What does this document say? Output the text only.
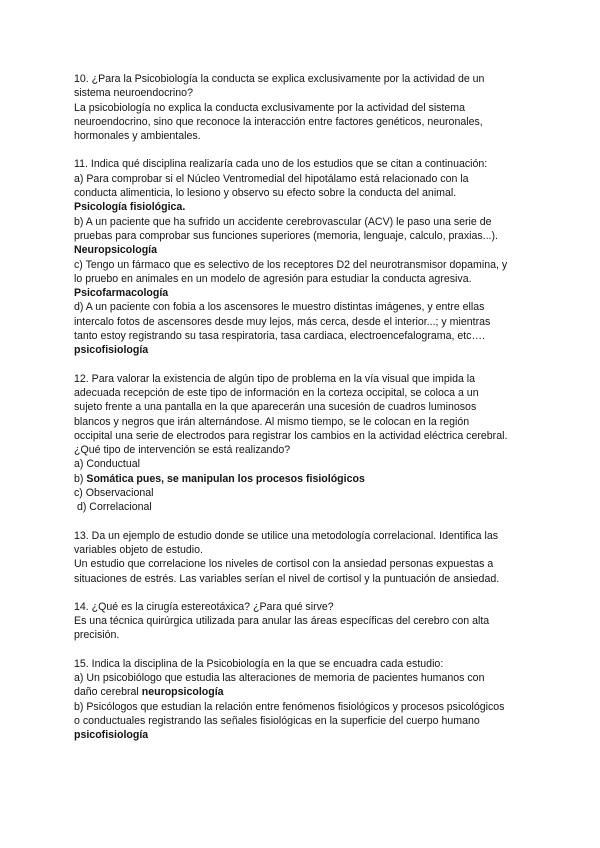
10. ¿Para la Psicobiología la conducta se explica exclusivamente por la actividad de un

sistema neuroendocrino?

La psicobiología no explica la conducta exclusivamente por la actividad del sistema

neuroendocrino, sino que reconoce la interacción entre factores genéticos, neuronales,

hormonales y ambientales.

11. Indica qué disciplina realizaría cada uno de los estudios que se citan a continuación:

a) Para comprobar si el Núcleo Ventromedial del hipotálamo está relacionado con la

conducta alimenticia, lo lesiono y observo su efecto sobre la conducta del animal.

Psicología fisiológica.

b) A un paciente que ha sufrido un accidente cerebrovascular (ACV) le paso una serie de

pruebas para comprobar sus funciones superiores (memoria, lenguaje, calculo, praxias...).

Neuropsicología

c) Tengo un fármaco que es selectivo de los receptores D2 del neurotransmisor dopamina, y

lo pruebo en animales en un modelo de agresión para estudiar la conducta agresiva.

Psicofarmacología

d) A un paciente con fobia a los ascensores le muestro distintas imágenes, y entre ellas

intercalo fotos de ascensores desde muy lejos, más cerca, desde el interior...; y mientras

tanto estoy registrando su tasa respiratoria, tasa cardiaca, electroencefalograma, etc….

psicofisiología

12. Para valorar la existencia de algún tipo de problema en la vía visual que impida la

adecuada recepción de este tipo de información en la corteza occipital, se coloca a un

sujeto frente a una pantalla en la que aparecerán una sucesión de cuadros luminosos

blancos y negros que irán alternándose. Al mismo tiempo, se le colocan en la región

occipital una serie de electrodos para registrar los cambios en la actividad eléctrica cerebral.

¿Qué tipo de intervención se está realizando?

a) Conductual

b) Somática pues, se manipulan los procesos fisiológicos

c) Observacional

d) Correlacional

13. Da un ejemplo de estudio donde se utilice una metodología correlacional. Identifica las

variables objeto de estudio.

Un estudio que correlacione los niveles de cortisol con la ansiedad personas expuestas a

situaciones de estrés. Las variables serían el nivel de cortisol y la puntuación de ansiedad.

14. ¿Qué es la cirugía estereotáxica? ¿Para qué sirve?

Es una técnica quirúrgica utilizada para anular las áreas específicas del cerebro con alta

precisión.

15. Indica la disciplina de la Psicobiología en la que se encuadra cada estudio:

a) Un psicobiólogo que estudia las alteraciones de memoria de pacientes humanos con

daño cerebral neuropsicología

b) Psicólogos que estudian la relación entre fenómenos fisiológicos y procesos psicológicos

o conductuales registrando las señales fisiológicas en la superficie del cuerpo humano

psicofisiología
